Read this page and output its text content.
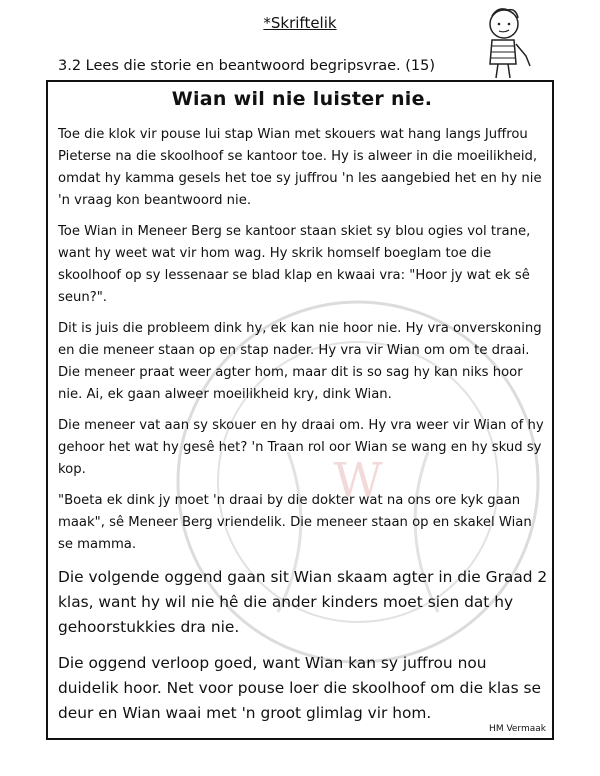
*Skriftelik
3.2 Lees die storie en beantwoord begripsvrae. (15)
W
Wian wil nie luister nie.

Toe die klok vir pouse lui stap Wian met skouers wat hang langs Juffrou Pieterse na die skoolhoof se kantoor toe. Hy is alweer in die moeilikheid, omdat hy kamma gesels het toe sy juffrou 'n les aangebied het en hy nie 'n vraag kon beantwoord nie.

Toe Wian in Meneer Berg se kantoor staan skiet sy blou ogies vol trane, want hy weet wat vir hom wag. Hy skrik homself boeglam toe die skoolhoof op sy lessenaar se blad klap en kwaai vra: "Hoor jy wat ek sê seun?".

Dit is juis die probleem dink hy, ek kan nie hoor nie. Hy vra onverskoning en die meneer staan op en stap nader. Hy vra vir Wian om om te draai. Die meneer praat weer agter hom, maar dit is so sag hy kan niks hoor nie. Ai, ek gaan alweer moeilikheid kry, dink Wian.

Die meneer vat aan sy skouer en hy draai om. Hy vra weer vir Wian of hy gehoor het wat hy gesê het? 'n Traan rol oor Wian se wang en hy skud sy kop.

"Boeta ek dink jy moet 'n draai by die dokter wat na ons ore kyk gaan maak", sê Meneer Berg vriendelik. Die meneer staan op en skakel Wian se mamma.

Die volgende oggend gaan sit Wian skaam agter in die Graad 2 klas, want hy wil nie hê die ander kinders moet sien dat hy gehoorstukkies dra nie.

Die oggend verloop goed, want Wian kan sy juffrou nou duidelik hoor. Net voor pouse loer die skoolhoof om die klas se deur en Wian waai met 'n groot glimlag vir hom.

HM Vermaak
